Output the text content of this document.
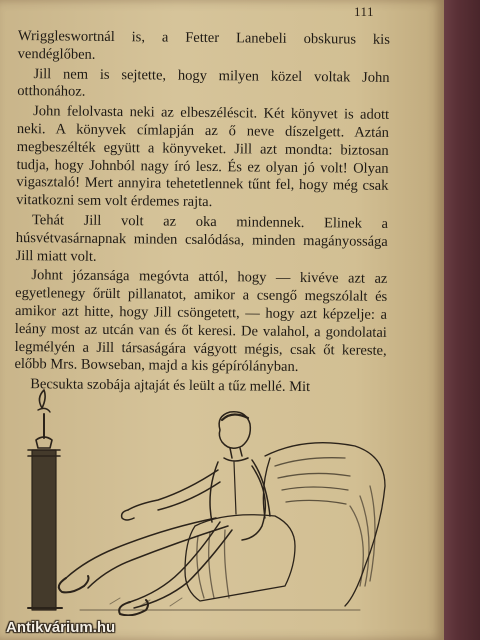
111

Wriggleswortnál is, a Fetter Lanebeli obskurus kis vendéglőben.

Jill nem is sejtette, hogy milyen közel voltak John otthonához.

John felolvasta neki az elbeszéléscit. Két könyvet is adott neki. A könyvek címlapján az ő neve díszelgett. Aztán megbeszélték együtt a könyveket. Jill azt mondta: biztosan tudja, hogy Johnból nagy író lesz. És ez olyan jó volt! Olyan vigasztaló! Mert annyira tehetetlennek tűnt fel, hogy még csak vitatkozni sem volt érdemes rajta.

Tehát Jill volt az oka mindennek. Elinek a húsvétvasárnapnak minden csalódása, minden magányossága Jill miatt volt.

Johnt józansága megóvta attól, hogy — kivéve azt az egyetlenegy őrült pillanatot, amikor a csengő megszólalt és amikor azt hitte, hogy Jill csöngetett, — hogy azt képzelje: a leány most az utcán van és őt keresi. De valahol, a gondolatai legmélyén a Jill társaságára vágyott mégis, csak őt kereste, előbb Mrs. Bowseban, majd a kis gépírólányban.

Becsukta szobája ajtaját és leült a tűz mellé. Mit

Antikvárium.hu
